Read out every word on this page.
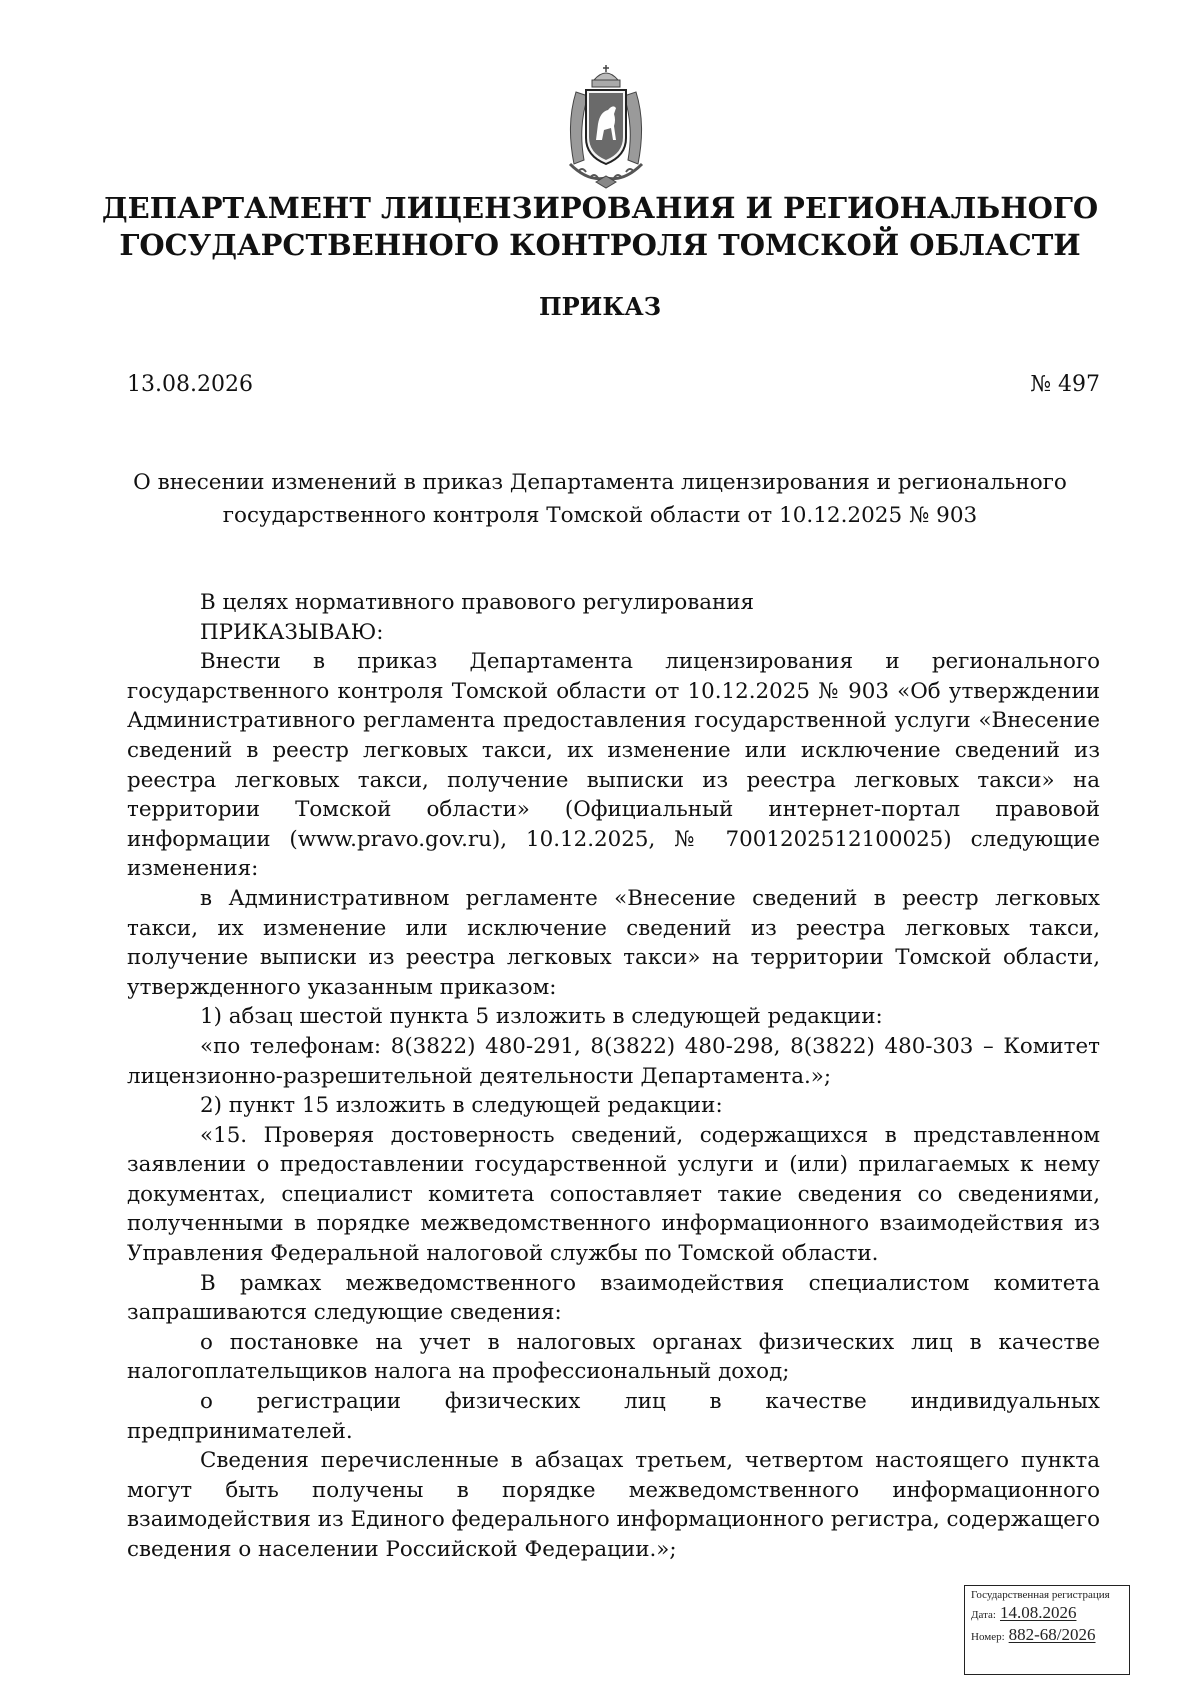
ДЕПАРТАМЕНТ ЛИЦЕНЗИРОВАНИЯ И РЕГИОНАЛЬНОГО
ГОСУДАРСТВЕННОГО КОНТРОЛЯ ТОМСКОЙ ОБЛАСТИ
ПРИКАЗ
13.08.2026	№ 497
О внесении изменений в приказ Департамента лицензирования и регионального
государственного контроля Томской области от 10.12.2025 № 903

В целях нормативного правового регулирования

ПРИКАЗЫВАЮ:

Внести в приказ Департамента лицензирования и регионального государственного контроля Томской области от 10.12.2025 № 903 «Об утверждении Административного регламента предоставления государственной услуги «Внесение сведений в реестр легковых такси, их изменение или исключение сведений из реестра легковых такси, получение выписки из реестра легковых такси» на территории Томской области» (Официальный интернет-портал правовой информации (www.pravo.gov.ru), 10.12.2025, № 7001202512100025) следующие изменения:

в Административном регламенте «Внесение сведений в реестр легковых такси, их изменение или исключение сведений из реестра легковых такси, получение выписки из реестра легковых такси» на территории Томской области, утвержденного указанным приказом:

1) абзац шестой пункта 5 изложить в следующей редакции:

«по телефонам: 8(3822) 480-291, 8(3822) 480-298, 8(3822) 480-303 – Комитет лицензионно-разрешительной деятельности Департамента.»;

2) пункт 15 изложить в следующей редакции:

«15. Проверяя достоверность сведений, содержащихся в представленном заявлении о предоставлении государственной услуги и (или) прилагаемых к нему документах, специалист комитета сопоставляет такие сведения со сведениями, полученными в порядке межведомственного информационного взаимодействия из Управления Федеральной налоговой службы по Томской области.

В рамках межведомственного взаимодействия специалистом комитета запрашиваются следующие сведения:

о постановке на учет в налоговых органах физических лиц в качестве налогоплательщиков налога на профессиональный доход;

о регистрации физических лиц в качестве индивидуальных предпринимателей.

Сведения перечисленные в абзацах третьем, четвертом настоящего пункта могут быть получены в порядке межведомственного информационного взаимодействия из Единого федерального информационного регистра, содержащего сведения о населении Российской Федерации.»;

Государственная регистрация
Дата: 14.08.2026
Номер: 882-68/2026
